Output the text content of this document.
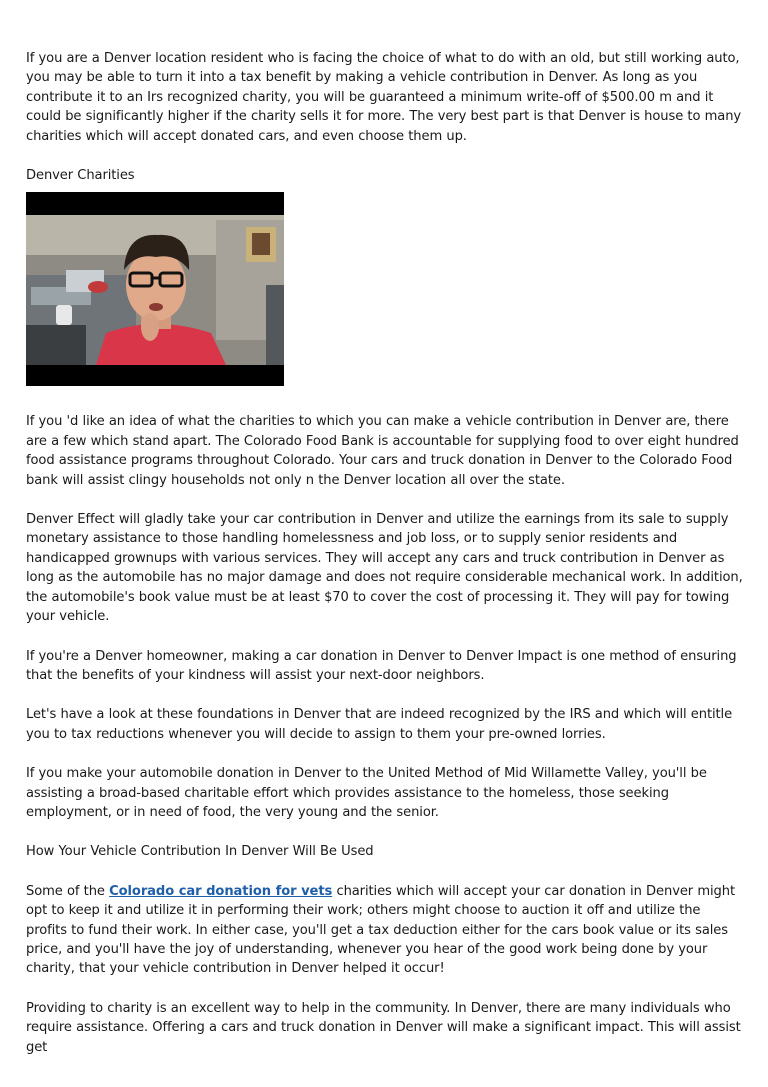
If you are a Denver location resident who is facing the choice of what to do with an old, but still working auto, you may be able to turn it into a tax benefit by making a vehicle contribution in Denver. As long as you contribute it to an Irs recognized charity, you will be guaranteed a minimum write-off of $500.00 m and it could be significantly higher if the charity sells it for more. The very best part is that Denver is house to many charities which will accept donated cars, and even choose them up.

Denver Charities

If you 'd like an idea of what the charities to which you can make a vehicle contribution in Denver are, there are a few which stand apart. The Colorado Food Bank is accountable for supplying food to over eight hundred food assistance programs throughout Colorado. Your cars and truck donation in Denver to the Colorado Food bank will assist clingy households not only n the Denver location all over the state.

Denver Effect will gladly take your car contribution in Denver and utilize the earnings from its sale to supply monetary assistance to those handling homelessness and job loss, or to supply senior residents and handicapped grownups with various services. They will accept any cars and truck contribution in Denver as long as the automobile has no major damage and does not require considerable mechanical work. In addition, the automobile's book value must be at least $70 to cover the cost of processing it. They will pay for towing your vehicle.

If you're a Denver homeowner, making a car donation in Denver to Denver Impact is one method of ensuring that the benefits of your kindness will assist your next-door neighbors.

Let's have a look at these foundations in Denver that are indeed recognized by the IRS and which will entitle you to tax reductions whenever you will decide to assign to them your pre-owned lorries.

If you make your automobile donation in Denver to the United Method of Mid Willamette Valley, you'll be assisting a broad-based charitable effort which provides assistance to the homeless, those seeking employment, or in need of food, the very young and the senior.

How Your Vehicle Contribution In Denver Will Be Used

Some of the Colorado car donation for vets charities which will accept your car donation in Denver might opt to keep it and utilize it in performing their work; others might choose to auction it off and utilize the profits to fund their work. In either case, you'll get a tax deduction either for the cars book value or its sales price, and you'll have the joy of understanding, whenever you hear of the good work being done by your charity, that your vehicle contribution in Denver helped it occur!

Providing to charity is an excellent way to help in the community. In Denver, there are many individuals who require assistance. Offering a cars and truck donation in Denver will make a significant impact. This will assist get
